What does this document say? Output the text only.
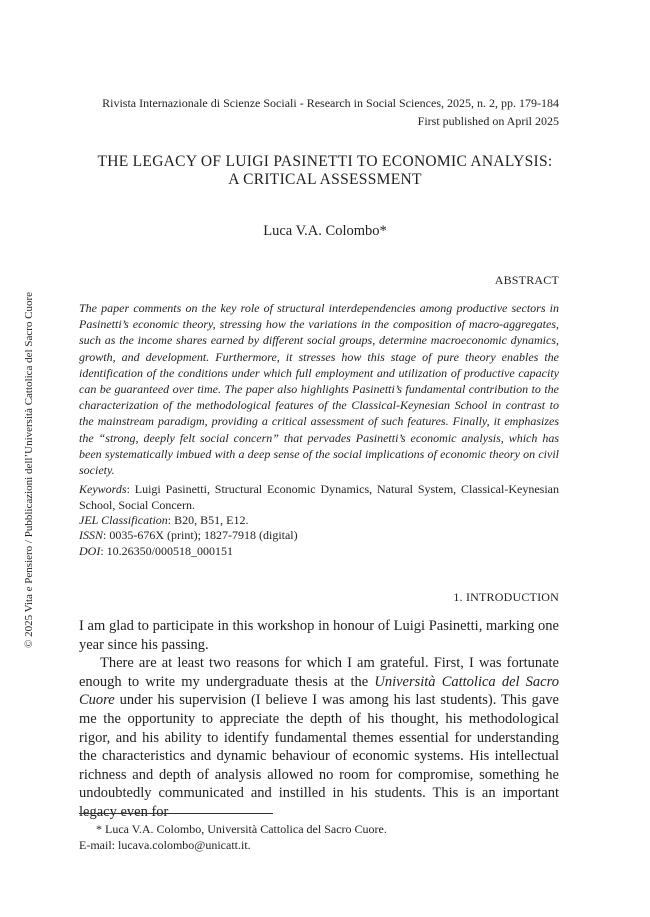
Rivista Internazionale di Scienze Sociali - Research in Social Sciences, 2025, n. 2, pp. 179-184
First published on April 2025
THE LEGACY OF LUIGI PASINETTI TO ECONOMIC ANALYSIS:
A CRITICAL ASSESSMENT
Luca V.A. Colombo*
ABSTRACT
The paper comments on the key role of structural interdependencies among productive sectors in Pasinetti’s economic theory, stressing how the variations in the composition of macro-aggregates, such as the income shares earned by different social groups, determine macroeconomic dynamics, growth, and development. Furthermore, it stresses how this stage of pure theory enables the identification of the conditions under which full employment and utilization of productive capacity can be guaranteed over time. The paper also highlights Pasinetti’s fundamental contribution to the characterization of the methodological features of the Classical-Keynesian School in contrast to the mainstream paradigm, providing a critical assessment of such features. Finally, it emphasizes the “strong, deeply felt social concern” that pervades Pasinetti’s economic analysis, which has been systematically imbued with a deep sense of the social implications of economic theory on civil society.
Keywords: Luigi Pasinetti, Structural Economic Dynamics, Natural System, Classical-Keynesian School, Social Concern.
JEL Classification: B20, B51, E12.
ISSN: 0035-676X (print); 1827-7918 (digital)
DOI: 10.26350/000518_000151
1. INTRODUCTION

I am glad to participate in this workshop in honour of Luigi Pasinetti, marking one year since his passing.

There are at least two reasons for which I am grateful. First, I was fortunate enough to write my undergraduate thesis at the Università Cattolica del Sacro Cuore under his supervision (I believe I was among his last students). This gave me the opportunity to appreciate the depth of his thought, his methodological rigor, and his ability to identify fundamental themes essential for understanding the characteristics and dynamic behaviour of economic systems. His intellectual richness and depth of analysis allowed no room for compromise, something he undoubtedly communicated and instilled in his students. This is an important legacy even for

* Luca V.A. Colombo, Università Cattolica del Sacro Cuore.
E-mail: lucava.colombo@unicatt.it.
© 2025 Vita e Pensiero / Pubblicazioni dell’Università Cattolica del Sacro Cuore
